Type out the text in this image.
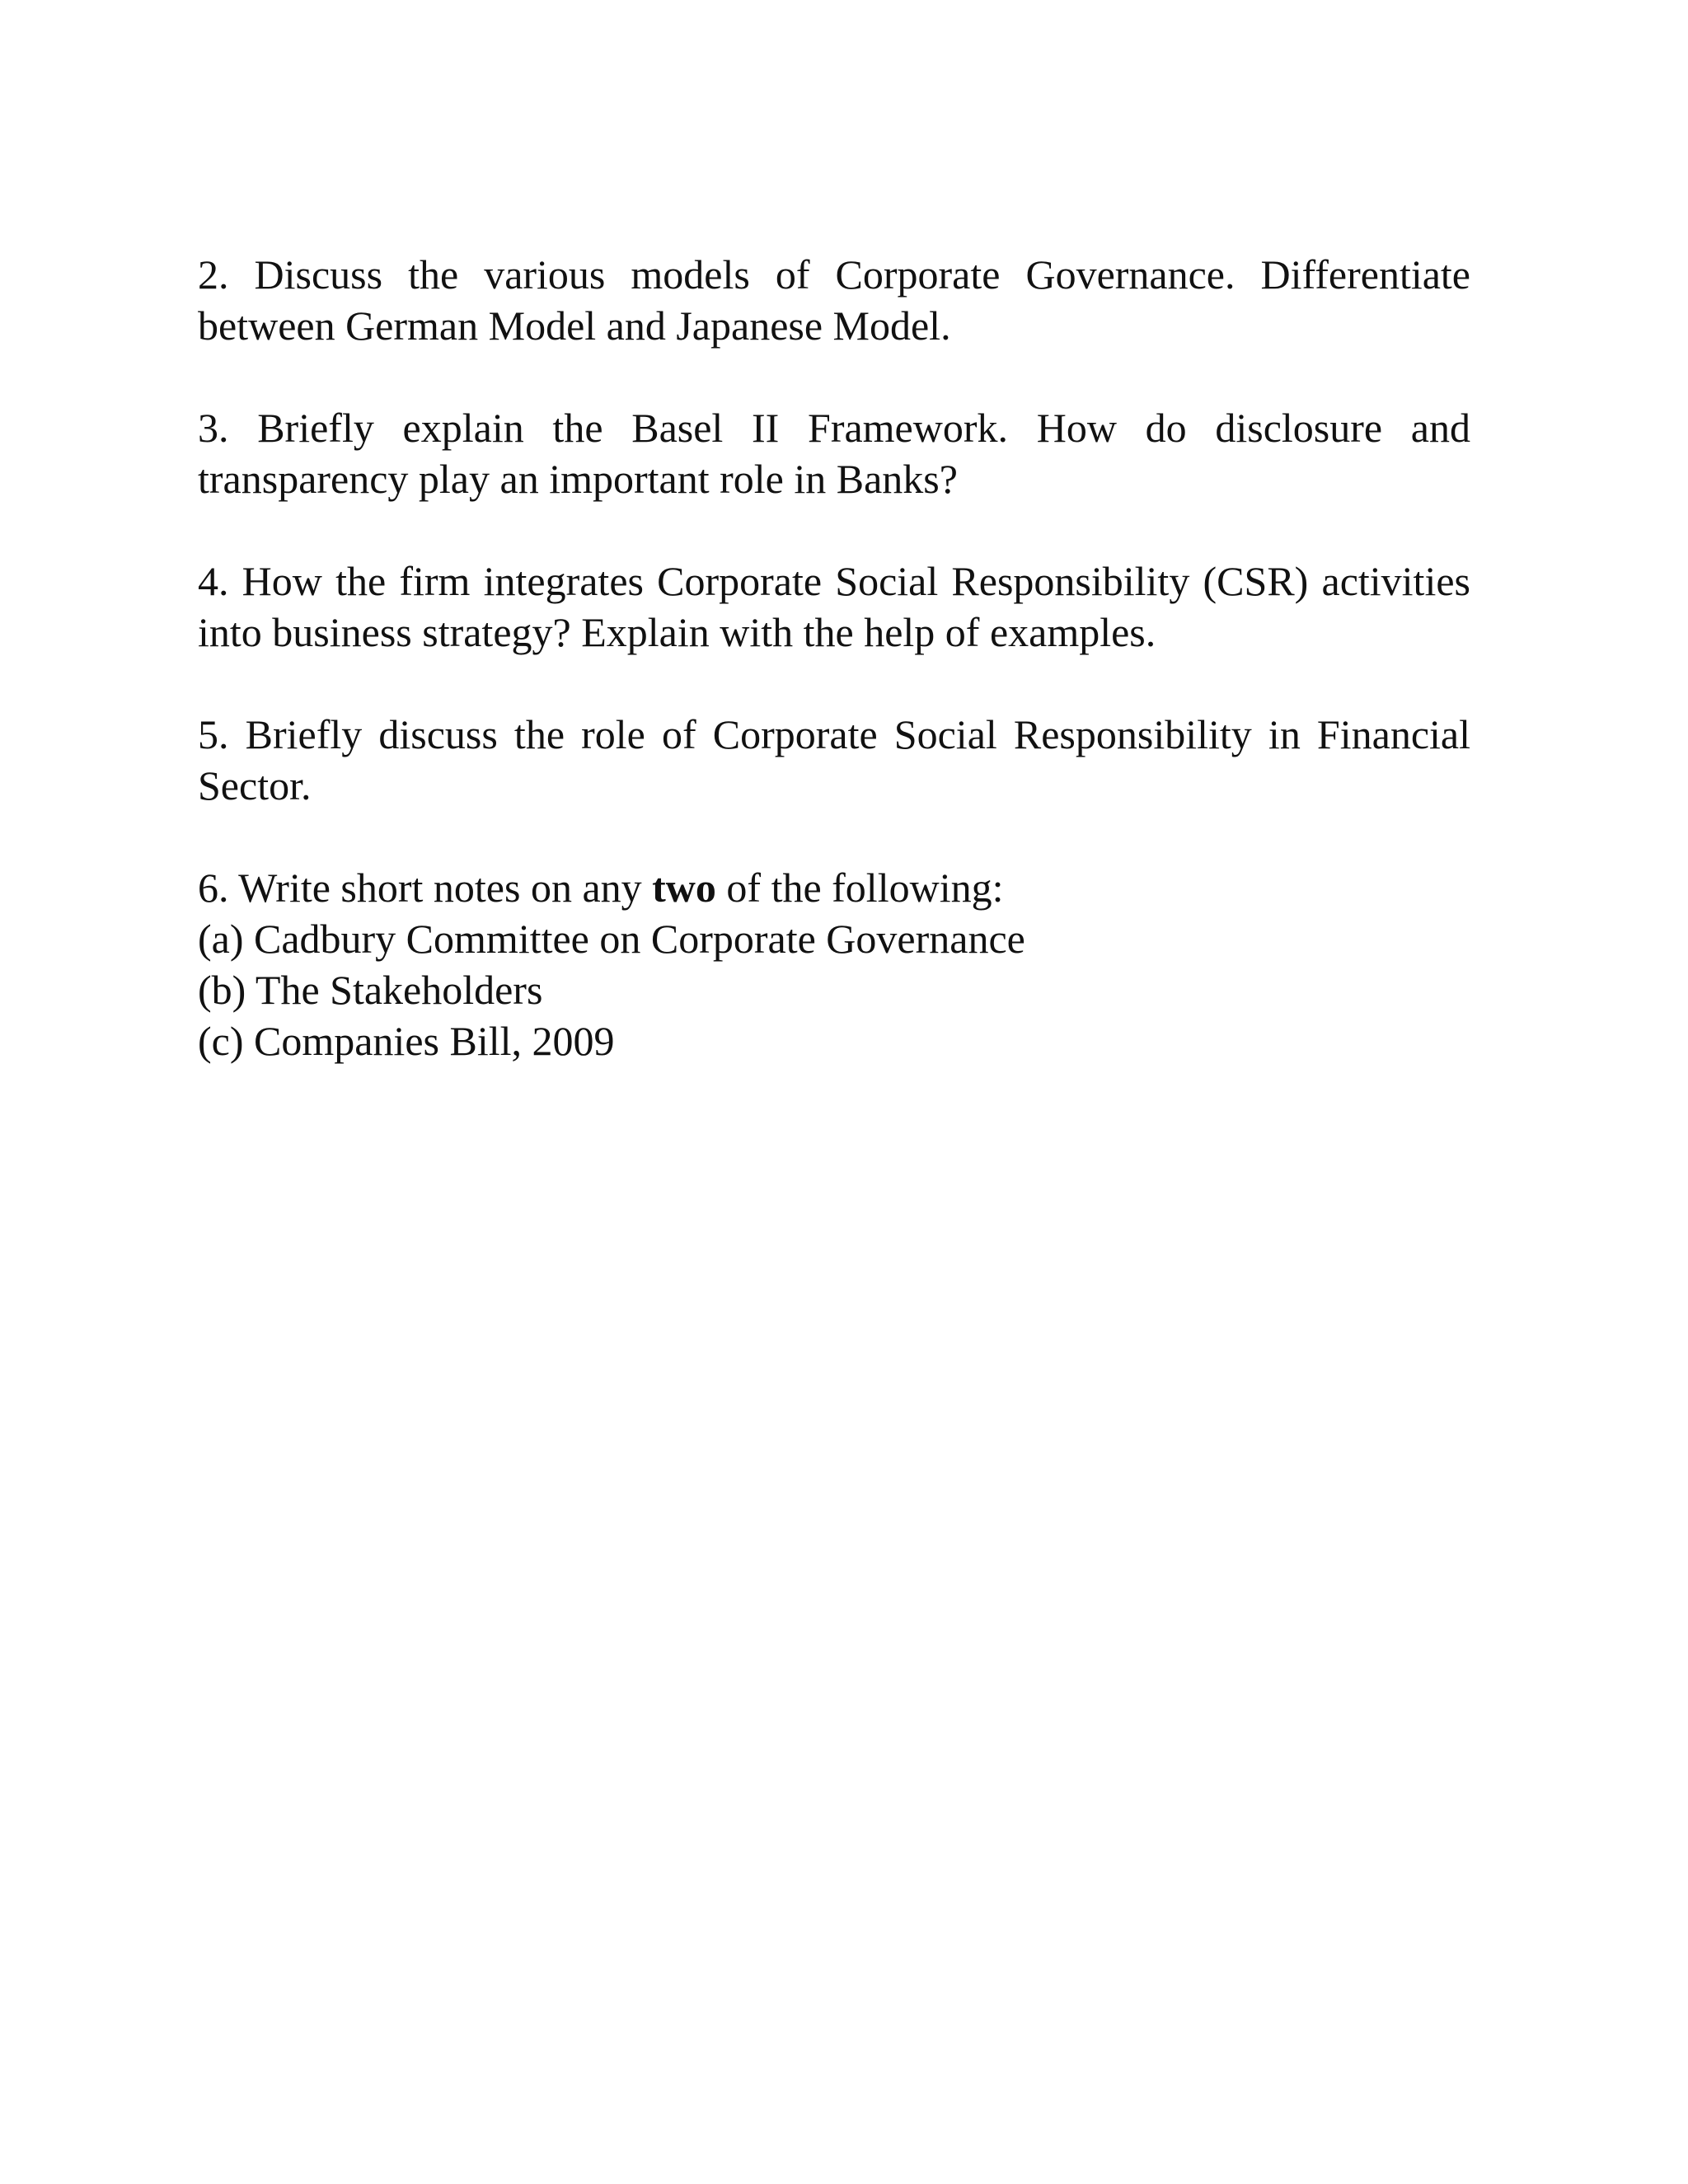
2. Discuss the various models of Corporate Governance. Differentiate between German Model and Japanese Model.

3. Briefly explain the Basel II Framework. How do disclosure and transparency play an important role in Banks?

4. How the firm integrates Corporate Social Responsibility (CSR) activities into business strategy? Explain with the help of examples.

5. Briefly discuss the role of Corporate Social Responsibility in Financial Sector.

6. Write short notes on any two of the following:

(a) Cadbury Committee on Corporate Governance

(b) The Stakeholders

(c) Companies Bill, 2009
